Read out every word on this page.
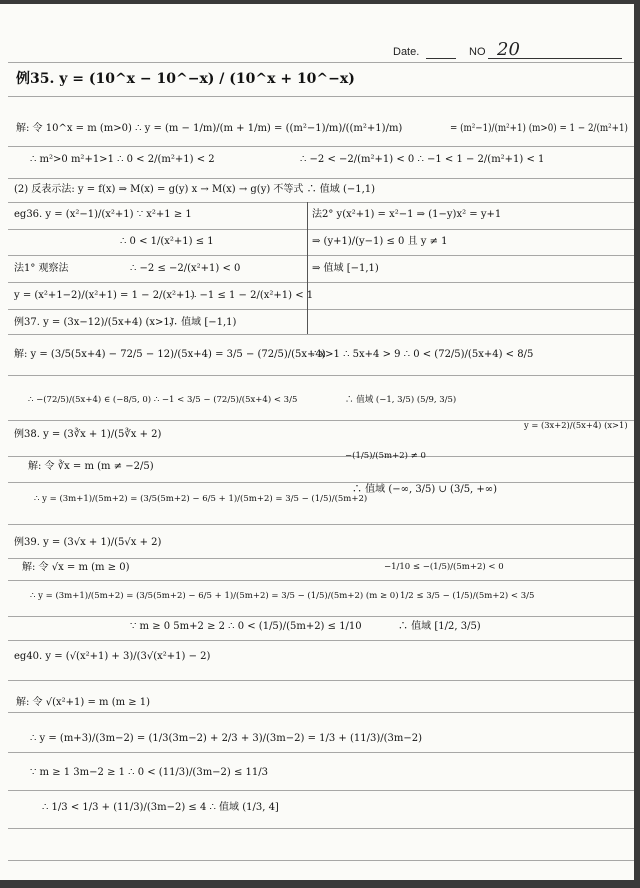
Date.	NO 20
例35. y = (10^x − 10^−x) / (10^x + 10^−x)
解: 令 10^x = m (m>0) ∴ y = (m − 1/m)/(m + 1/m) = ((m²−1)/m)/((m²+1)/m)	= (m²−1)/(m²+1) (m>0) = 1 − 2/(m²+1)
∴ m²>0 m²+1>1 ∴ 0 < 2/(m²+1) < 2	∴ −2 < −2/(m²+1) < 0 ∴ −1 < 1 − 2/(m²+1) < 1
(2) 反表示法: y = f(x) ⇒ M(x) = g(y) x → M(x) → g(y) 不等式 ∴ 值域 (−1,1)
eg36. y = (x²−1)/(x²+1) ∵ x²+1 ≥ 1	法2° y(x²+1) = x²−1 ⇒ (1−y)x² = y+1
∴ 0 < 1/(x²+1) ≤ 1	⇒ (y+1)/(y−1) ≤ 0 且 y ≠ 1
法1° 观察法	∴ −2 ≤ −2/(x²+1) < 0	⇒ 值域 [−1,1)
y = (x²+1−2)/(x²+1) = 1 − 2/(x²+1)
∴ −1 ≤ 1 − 2/(x²+1) < 1
例37. y = (3x−12)/(5x+4) (x>1)
∴ 值域 [−1,1)
解: y = (3/5(5x+4) − 72/5 − 12)/(5x+4) = 3/5 − (72/5)/(5x+4)
∵ x>1 ∴ 5x+4 > 9 ∴ 0 < (72/5)/(5x+4) < 8/5
∴ −(72/5)/(5x+4) ∈ (−8/5, 0) ∴ −1 < 3/5 − (72/5)/(5x+4) < 3/5	∴ 值域 (−1, 3/5) (5/9, 3/5)
y = (3x+2)/(5x+4) (x>1)
例38. y = (3∛x + 1)/(5∛x + 2)
−(1/5)/(5m+2) ≠ 0
解: 令 ∛x = m (m ≠ −2/5)
∴ y = (3m+1)/(5m+2) = (3/5(5m+2) − 6/5 + 1)/(5m+2) = 3/5 − (1/5)/(5m+2)
∴ 值域 (−∞, 3/5) ∪ (3/5, +∞)
例39. y = (3√x + 1)/(5√x + 2)
解: 令 √x = m (m ≥ 0)	−1/10 ≤ −(1/5)/(5m+2) < 0
∴ y = (3m+1)/(5m+2) = (3/5(5m+2) − 6/5 + 1)/(5m+2) = 3/5 − (1/5)/(5m+2) (m ≥ 0) 1/2 ≤ 3/5 − (1/5)/(5m+2) < 3/5
∵ m ≥ 0 5m+2 ≥ 2 ∴ 0 < (1/5)/(5m+2) ≤ 1/10	∴ 值域 [1/2, 3/5)
eg40. y = (√(x²+1) + 3)/(3√(x²+1) − 2)
解: 令 √(x²+1) = m (m ≥ 1)
∴ y = (m+3)/(3m−2) = (1/3(3m−2) + 2/3 + 3)/(3m−2) = 1/3 + (11/3)/(3m−2)
∵ m ≥ 1 3m−2 ≥ 1 ∴ 0 < (11/3)/(3m−2) ≤ 11/3
∴ 1/3 < 1/3 + (11/3)/(3m−2) ≤ 4 ∴ 值域 (1/3, 4]
